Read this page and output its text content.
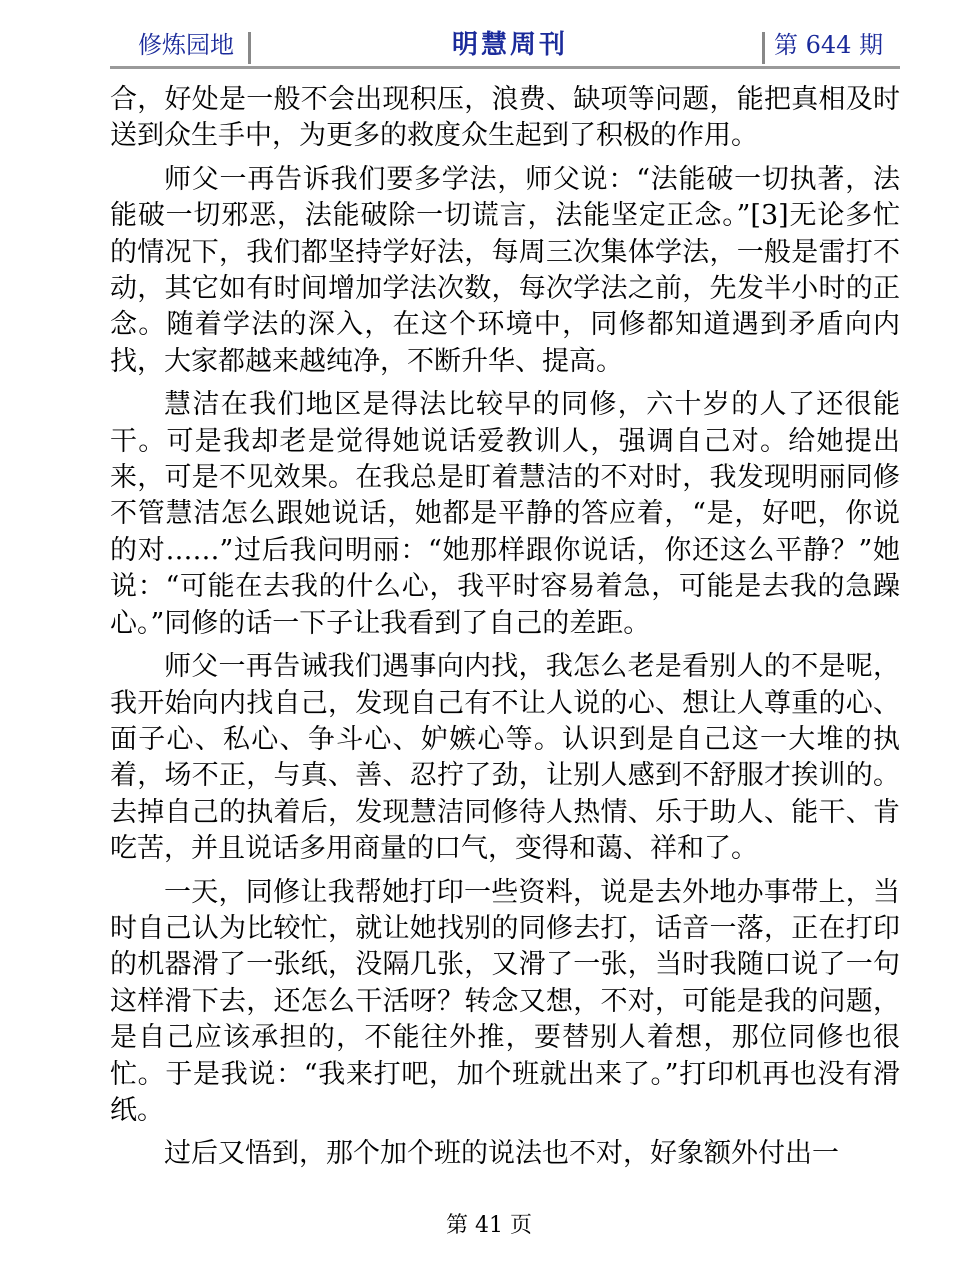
修炼园地	明慧周刊	第 644 期

合，好处是一般不会出现积压，浪费、缺项等问题，能把真相及时送到众生手中，为更多的救度众生起到了积极的作用。

师父一再告诉我们要多学法，师父说：“法能破一切执著，法能破一切邪恶，法能破除一切谎言，法能坚定正念。”[3]无论多忙的情况下，我们都坚持学好法，每周三次集体学法，一般是雷打不动，其它如有时间增加学法次数，每次学法之前，先发半小时的正念。随着学法的深入，在这个环境中，同修都知道遇到矛盾向内找，大家都越来越纯净，不断升华、提高。

慧洁在我们地区是得法比较早的同修，六十岁的人了还很能干。可是我却老是觉得她说话爱教训人，强调自己对。给她提出来，可是不见效果。在我总是盯着慧洁的不对时，我发现明丽同修不管慧洁怎么跟她说话，她都是平静的答应着，“是，好吧，你说的对……”过后我问明丽：“她那样跟你说话，你还这么平静？”她说：“可能在去我的什么心，我平时容易着急，可能是去我的急躁心。”同修的话一下子让我看到了自己的差距。

师父一再告诫我们遇事向内找，我怎么老是看别人的不是呢，我开始向内找自己，发现自己有不让人说的心、想让人尊重的心、面子心、私心、争斗心、妒嫉心等。认识到是自己这一大堆的执着，场不正，与真、善、忍拧了劲，让别人感到不舒服才挨训的。去掉自己的执着后，发现慧洁同修待人热情、乐于助人、能干、肯吃苦，并且说话多用商量的口气，变得和蔼、祥和了。

一天，同修让我帮她打印一些资料，说是去外地办事带上，当时自己认为比较忙，就让她找别的同修去打，话音一落，正在打印的机器滑了一张纸，没隔几张，又滑了一张，当时我随口说了一句这样滑下去，还怎么干活呀？转念又想，不对，可能是我的问题，是自己应该承担的，不能往外推，要替别人着想，那位同修也很忙。于是我说：“我来打吧，加个班就出来了。”打印机再也没有滑纸。

过后又悟到，那个加个班的说法也不对，好象额外付出一

第 41 页
